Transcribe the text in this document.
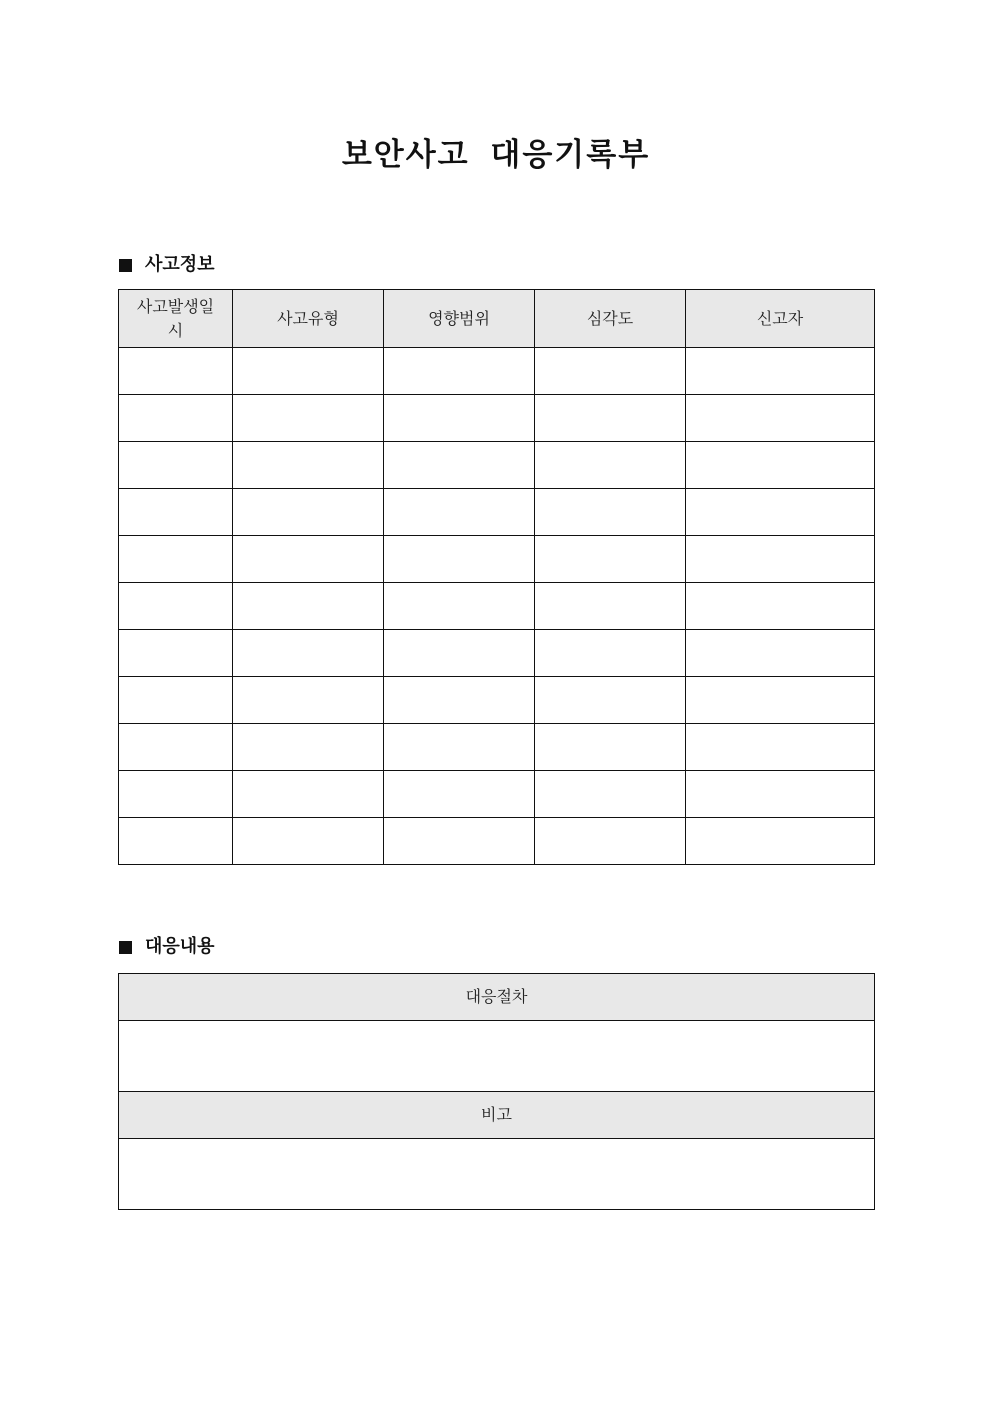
보안사고 대응기록부
사고정보
사고발생일시	사고유형	영향범위	심각도	신고자

대응내용
대응절차

비고
